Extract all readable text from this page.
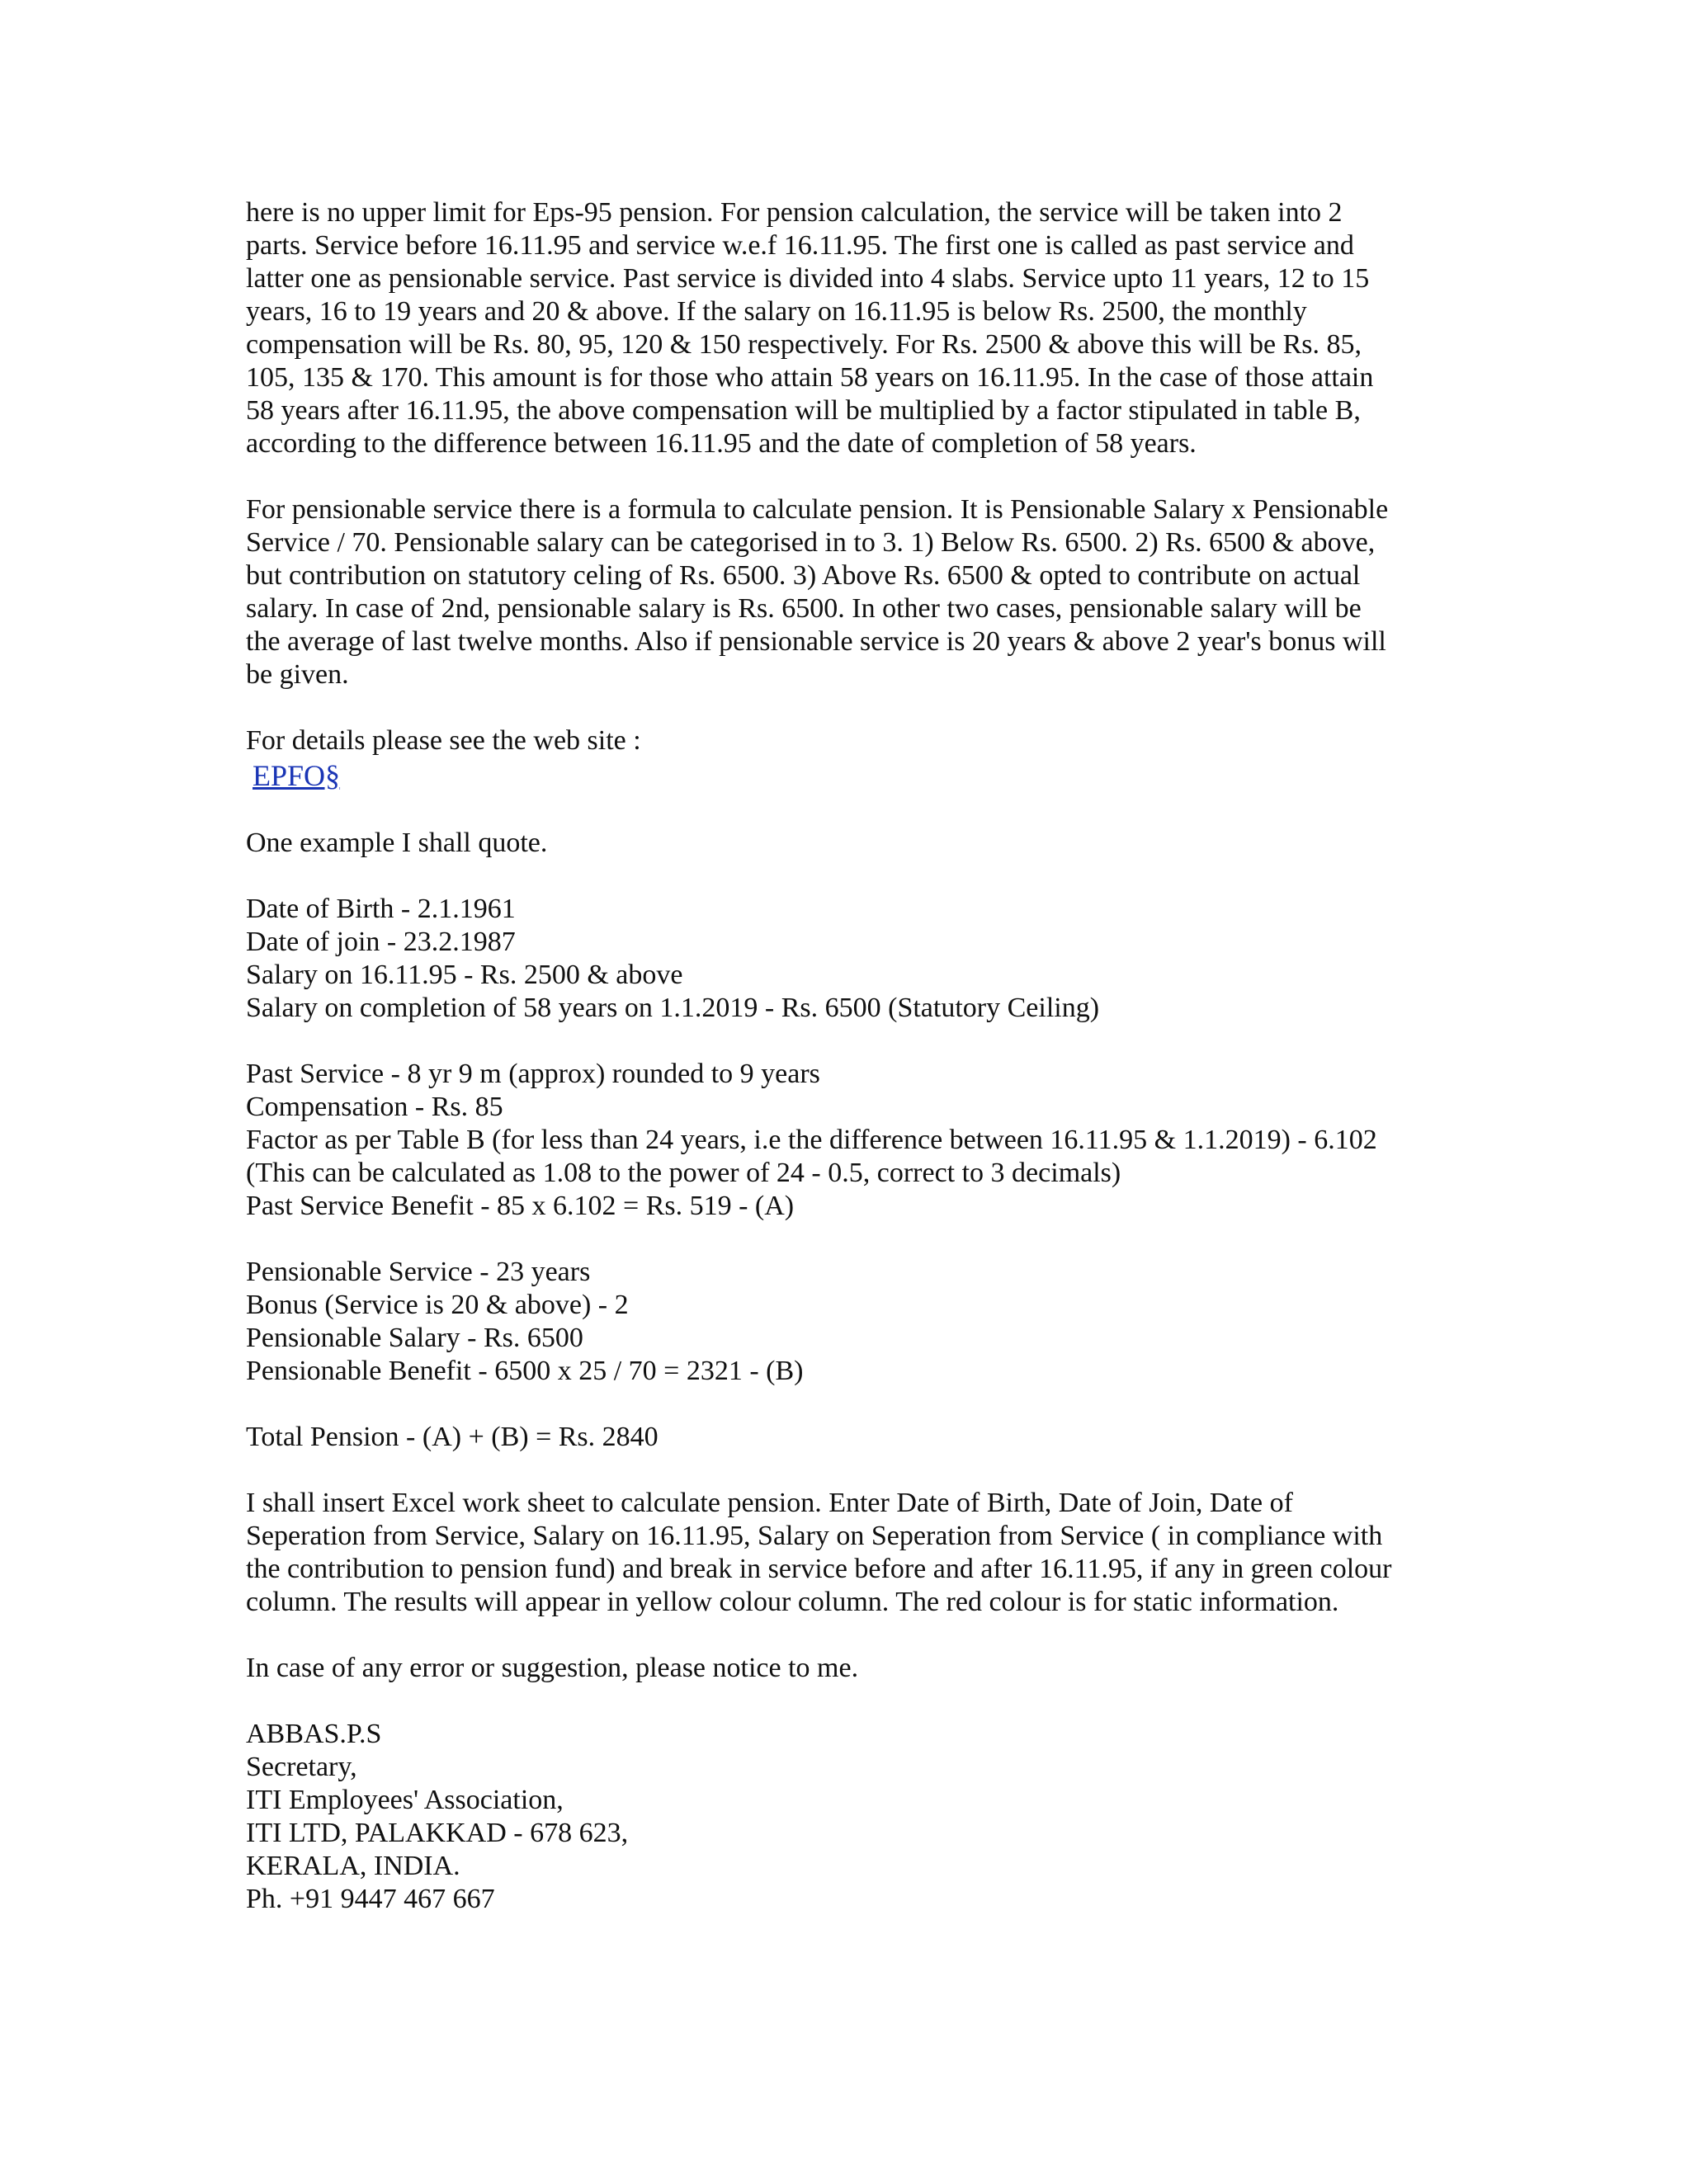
here is no upper limit for Eps-95 pension. For pension calculation, the service will be taken into 2
parts. Service before 16.11.95 and service w.e.f 16.11.95. The first one is called as past service and
latter one as pensionable service. Past service is divided into 4 slabs. Service upto 11 years, 12 to 15
years, 16 to 19 years and 20 & above. If the salary on 16.11.95 is below Rs. 2500, the monthly
compensation will be Rs. 80, 95, 120 & 150 respectively. For Rs. 2500 & above this will be Rs. 85,
105, 135 & 170. This amount is for those who attain 58 years on 16.11.95. In the case of those attain
58 years after 16.11.95, the above compensation will be multiplied by a factor stipulated in table B,
according to the difference between 16.11.95 and the date of completion of 58 years.
For pensionable service there is a formula to calculate pension. It is Pensionable Salary x Pensionable
Service / 70. Pensionable salary can be categorised in to 3. 1) Below Rs. 6500. 2) Rs. 6500 & above,
but contribution on statutory celing of Rs. 6500. 3) Above Rs. 6500 & opted to contribute on actual
salary. In case of 2nd, pensionable salary is Rs. 6500. In other two cases, pensionable salary will be
the average of last twelve months. Also if pensionable service is 20 years & above 2 year's bonus will
be given.
For details please see the web site :
EPFO§
One example I shall quote.
Date of Birth - 2.1.1961
Date of join - 23.2.1987
Salary on 16.11.95 - Rs. 2500 & above
Salary on completion of 58 years on 1.1.2019 - Rs. 6500 (Statutory Ceiling)
Past Service - 8 yr 9 m (approx) rounded to 9 years
Compensation - Rs. 85
Factor as per Table B (for less than 24 years, i.e the difference between 16.11.95 & 1.1.2019) - 6.102
(This can be calculated as 1.08 to the power of 24 - 0.5, correct to 3 decimals)
Past Service Benefit - 85 x 6.102 = Rs. 519 - (A)
Pensionable Service - 23 years
Bonus (Service is 20 & above) - 2
Pensionable Salary - Rs. 6500
Pensionable Benefit - 6500 x 25 / 70 = 2321 - (B)
Total Pension - (A) + (B) = Rs. 2840
I shall insert Excel work sheet to calculate pension. Enter Date of Birth, Date of Join, Date of
Seperation from Service, Salary on 16.11.95, Salary on Seperation from Service ( in compliance with
the contribution to pension fund) and break in service before and after 16.11.95, if any in green colour
column. The results will appear in yellow colour column. The red colour is for static information.
In case of any error or suggestion, please notice to me.
ABBAS.P.S
Secretary,
ITI Employees' Association,
ITI LTD, PALAKKAD - 678 623,
KERALA, INDIA.
Ph. +91 9447 467 667
